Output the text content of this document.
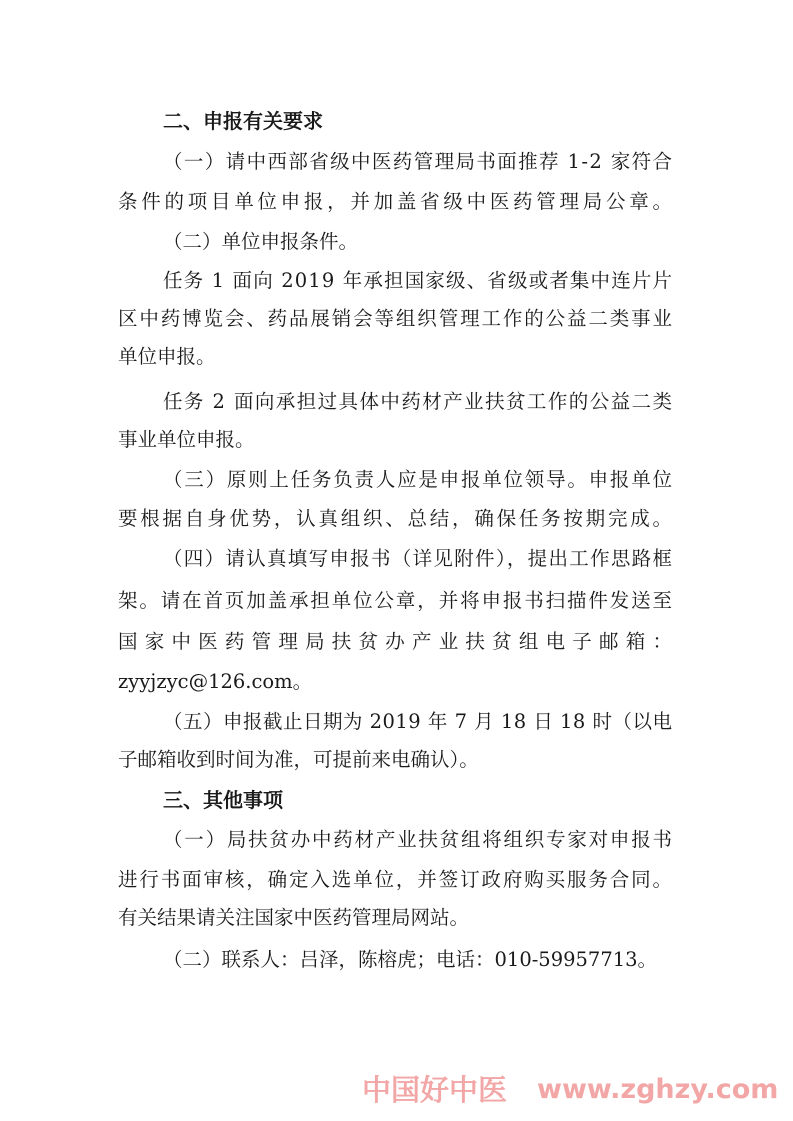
二、申报有关要求
（一）请中西部省级中医药管理局书面推荐 1-2 家符合
条件的项目单位申报，并加盖省级中医药管理局公章。
（二）单位申报条件。
任务 1 面向 2019 年承担国家级、省级或者集中连片片
区中药博览会、药品展销会等组织管理工作的公益二类事业
单位申报。
任务 2 面向承担过具体中药材产业扶贫工作的公益二类
事业单位申报。
（三）原则上任务负责人应是申报单位领导。申报单位
要根据自身优势，认真组织、总结，确保任务按期完成。
（四）请认真填写申报书（详见附件），提出工作思路框
架。请在首页加盖承担单位公章，并将申报书扫描件发送至
国家中医药管理局扶贫办产业扶贫组电子邮箱：
zyyjzyc@126.com。
（五）申报截止日期为 2019 年 7 月 18 日 18 时（以电
子邮箱收到时间为准，可提前来电确认）。
三、其他事项
（一）局扶贫办中药材产业扶贫组将组织专家对申报书
进行书面审核，确定入选单位，并签订政府购买服务合同。
有关结果请关注国家中医药管理局网站。
（二）联系人：吕泽，陈榕虎；电话：010-59957713。
中国好中医 www.zghzy.com
